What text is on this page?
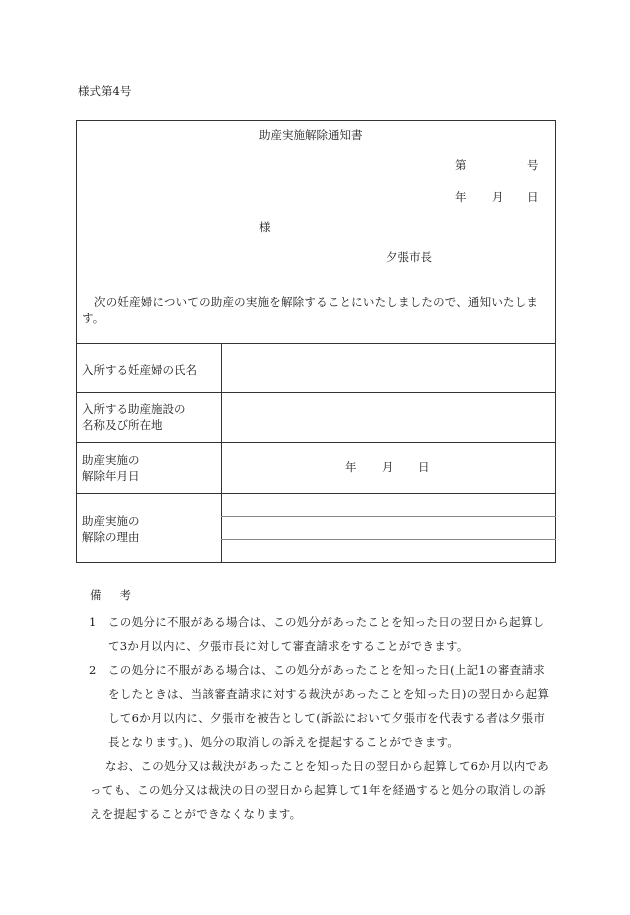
様式第4号
助産実施解除通知書
第	号
年 月 日
様
夕張市長
次の妊産婦についての助産の実施を解除することにいたしましたので、通知いたします。
入所する妊産婦の氏名
入所する助産施設の
名称及び所在地
助産実施の
解除年月日
年 月 日
助産実施の
解除の理由
備考
1 この処分に不服がある場合は、この処分があったことを知った日の翌日から起算して3か月以内に、夕張市長に対して審査請求をすることができます。
2 この処分に不服がある場合は、この処分があったことを知った日(上記1の審査請求をしたときは、当該審査請求に対する裁決があったことを知った日)の翌日から起算して6か月以内に、夕張市を被告として(訴訟において夕張市を代表する者は夕張市長となります。)、処分の取消しの訴えを提起することができます。
なお、この処分又は裁決があったことを知った日の翌日から起算して6か月以内であっても、この処分又は裁決の日の翌日から起算して1年を経過すると処分の取消しの訴えを提起することができなくなります。
